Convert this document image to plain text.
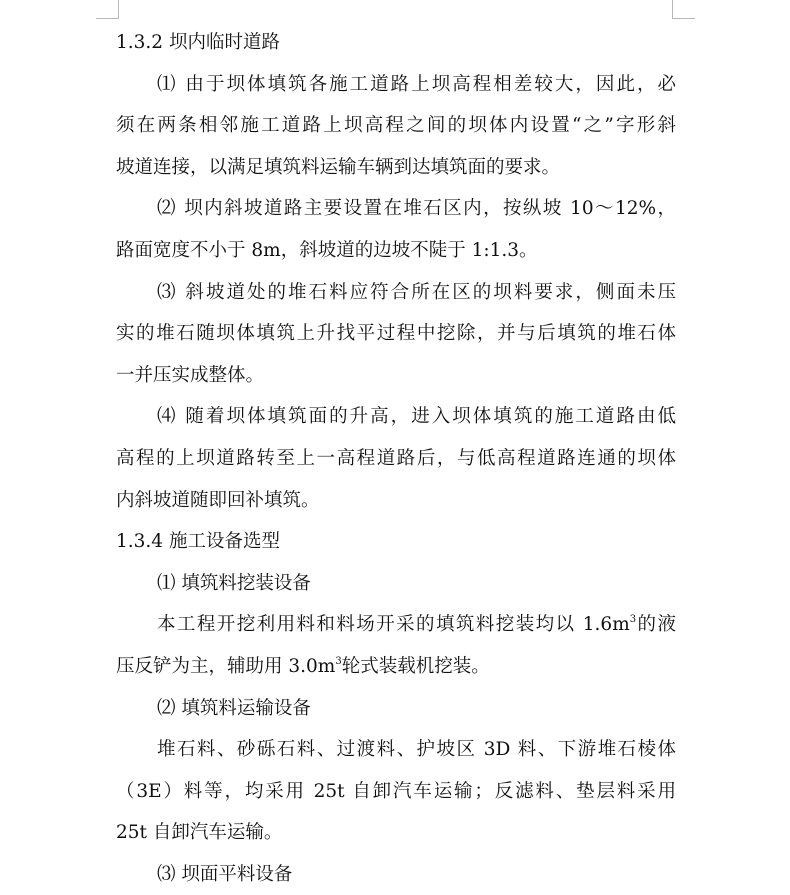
1.3.2 坝内临时道路
⑴ 由于坝体填筑各施工道路上坝高程相差较大，因此，必
须在两条相邻施工道路上坝高程之间的坝体内设置“之”字形斜
坡道连接，以满足填筑料运输车辆到达填筑面的要求。
⑵ 坝内斜坡道路主要设置在堆石区内，按纵坡 10～12%，
路面宽度不小于 8m，斜坡道的边坡不陡于 1:1.3。
⑶ 斜坡道处的堆石料应符合所在区的坝料要求，侧面未压
实的堆石随坝体填筑上升找平过程中挖除，并与后填筑的堆石体
一并压实成整体。
⑷ 随着坝体填筑面的升高，进入坝体填筑的施工道路由低
高程的上坝道路转至上一高程道路后，与低高程道路连通的坝体
内斜坡道随即回补填筑。
1.3.4 施工设备选型
⑴ 填筑料挖装设备
本工程开挖利用料和料场开采的填筑料挖装均以 $1.6m^3$的液
压反铲为主，辅助用 $3.0m^3$轮式装载机挖装。
⑵ 填筑料运输设备
堆石料、砂砾石料、过渡料、护坡区 3D 料、下游堆石棱体
（3E）料等，均采用 25t 自卸汽车运输；反滤料、垫层料采用
25t 自卸汽车运输。
⑶ 坝面平料设备
